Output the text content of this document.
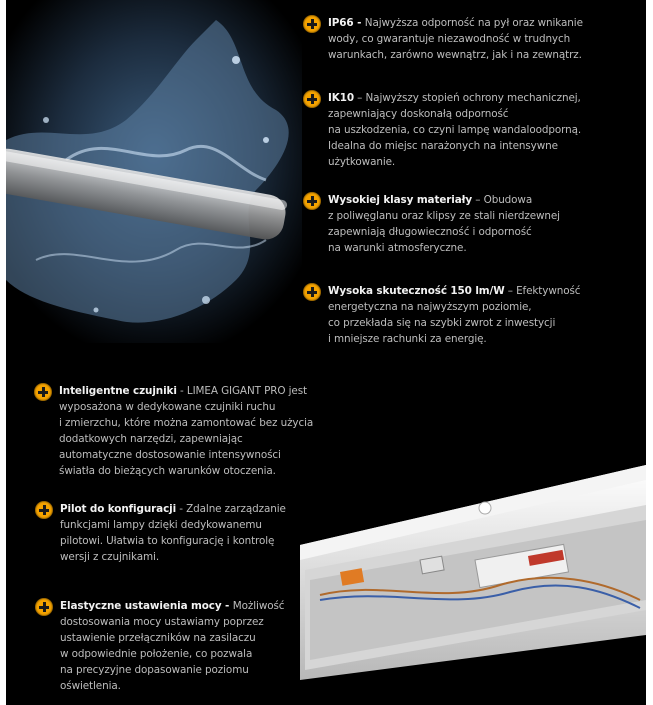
IP66 - Najwyższa odporność na pył oraz wnikanie
wody, co gwarantuje niezawodność w trudnych
warunkach, zarówno wewnątrz, jak i na zewnątrz.
IK10 – Najwyższy stopień ochrony mechanicznej,
zapewniający doskonałą odporność
na uszkodzenia, co czyni lampę wandaloodporną.
Idealna do miejsc narażonych na intensywne
użytkowanie.
Wysokiej klasy materiały – Obudowa
z poliwęglanu oraz klipsy ze stali nierdzewnej
zapewniają długowieczność i odporność
na warunki atmosferyczne.
Wysoka skuteczność 150 lm/W – Efektywność
energetyczna na najwyższym poziomie,
co przekłada się na szybki zwrot z inwestycji
i mniejsze rachunki za energię.
Inteligentne czujniki - LIMEA GIGANT PRO jest
wyposażona w dedykowane czujniki ruchu
i zmierzchu, które można zamontować bez użycia
dodatkowych narzędzi, zapewniając
automatyczne dostosowanie intensywności
światła do bieżących warunków otoczenia.
Pilot do konfiguracji - Zdalne zarządzanie
funkcjami lampy dzięki dedykowanemu
pilotowi. Ułatwia to konfigurację i kontrolę
wersji z czujnikami.
Elastyczne ustawienia mocy - Możliwość
dostosowania mocy ustawiamy poprzez
ustawienie przełączników na zasilaczu
w odpowiednie położenie, co pozwala
na precyzyjne dopasowanie poziomu
oświetlenia.
